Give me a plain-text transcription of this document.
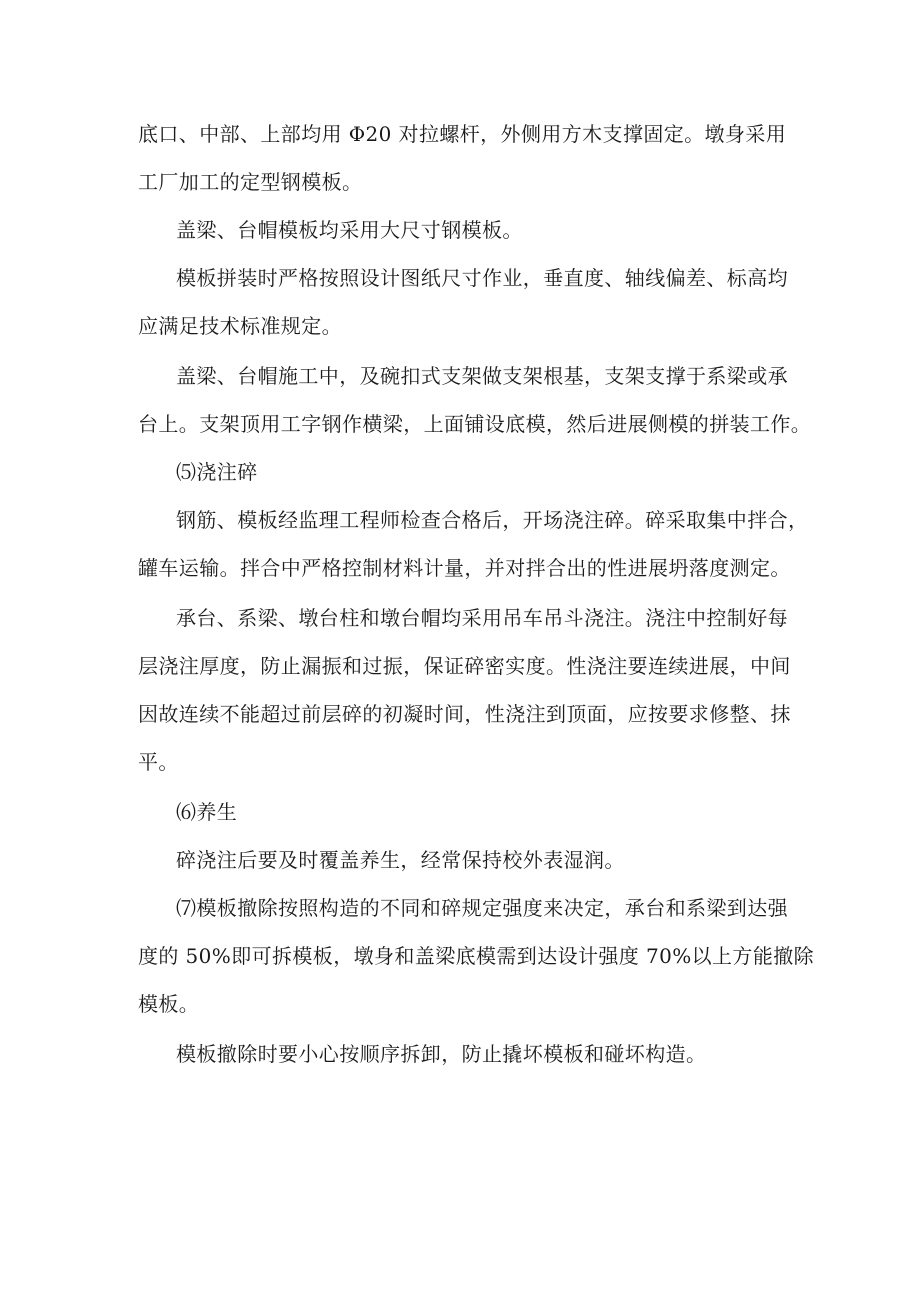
底口、中部、上部均用 Φ20 对拉螺杆，外侧用方木支撑固定。墩身采用
工厂加工的定型钢模板。
盖梁、台帽模板均采用大尺寸钢模板。
模板拼装时严格按照设计图纸尺寸作业，垂直度、轴线偏差、标高均
应满足技术标准规定。
盖梁、台帽施工中，及碗扣式支架做支架根基，支架支撑于系梁或承
台上。支架顶用工字钢作横梁，上面铺设底模，然后进展侧模的拼装工作。
⑸浇注碎
钢筋、模板经监理工程师检查合格后，开场浇注碎。碎采取集中拌合，
罐车运输。拌合中严格控制材料计量，并对拌合出的性进展坍落度测定。
承台、系梁、墩台柱和墩台帽均采用吊车吊斗浇注。浇注中控制好每
层浇注厚度，防止漏振和过振，保证碎密实度。性浇注要连续进展，中间
因故连续不能超过前层碎的初凝时间，性浇注到顶面，应按要求修整、抹
平。
⑹养生
碎浇注后要及时覆盖养生，经常保持校外表湿润。
⑺模板撤除按照构造的不同和碎规定强度来决定，承台和系梁到达强
度的 50%即可拆模板，墩身和盖梁底模需到达设计强度 70%以上方能撤除
模板。
模板撤除时要小心按顺序拆卸，防止撬坏模板和碰坏构造。
